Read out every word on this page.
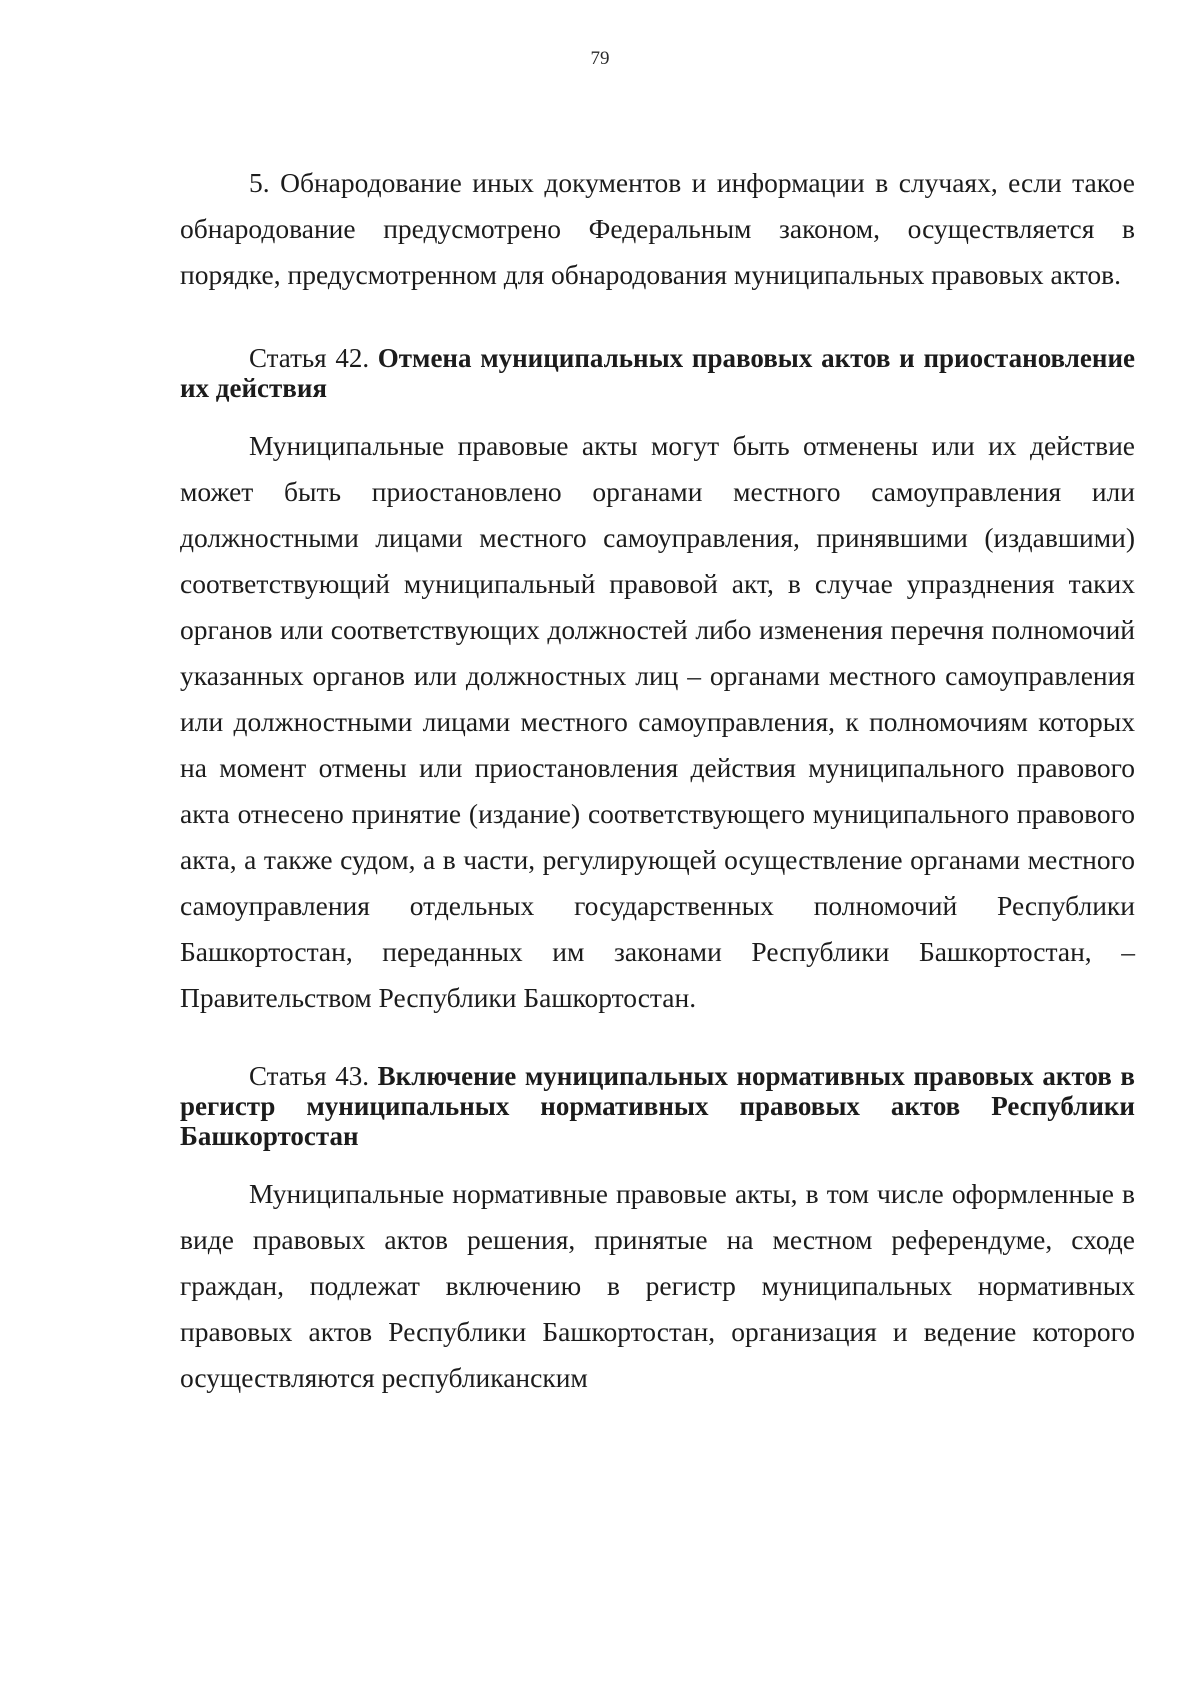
79

5. Обнародование иных документов и информации в случаях, если такое обнародование предусмотрено Федеральным законом, осуществляется в порядке, предусмотренном для обнародования муниципальных правовых актов.

Статья 42. Отмена муниципальных правовых актов и приостановление их действия

Муниципальные правовые акты могут быть отменены или их действие может быть приостановлено органами местного самоуправления или должностными лицами местного самоуправления, принявшими (издавшими) соответствующий муниципальный правовой акт, в случае упразднения таких органов или соответствующих должностей либо изменения перечня полномочий указанных органов или должностных лиц – органами местного самоуправления или должностными лицами местного самоуправления, к полномочиям которых на момент отмены или приостановления действия муниципального правового акта отнесено принятие (издание) соответствующего муниципального правового акта, а также судом, а в части, регулирующей осуществление органами местного самоуправления отдельных государственных полномочий Республики Башкортостан, переданных им законами Республики Башкортостан, – Правительством Республики Башкортостан.

Статья 43. Включение муниципальных нормативных правовых актов в регистр муниципальных нормативных правовых актов Республики Башкортостан

Муниципальные нормативные правовые акты, в том числе оформленные в виде правовых актов решения, принятые на местном референдуме, сходе граждан, подлежат включению в регистр муниципальных нормативных правовых актов Республики Башкортостан, организация и ведение которого осуществляются республиканским
